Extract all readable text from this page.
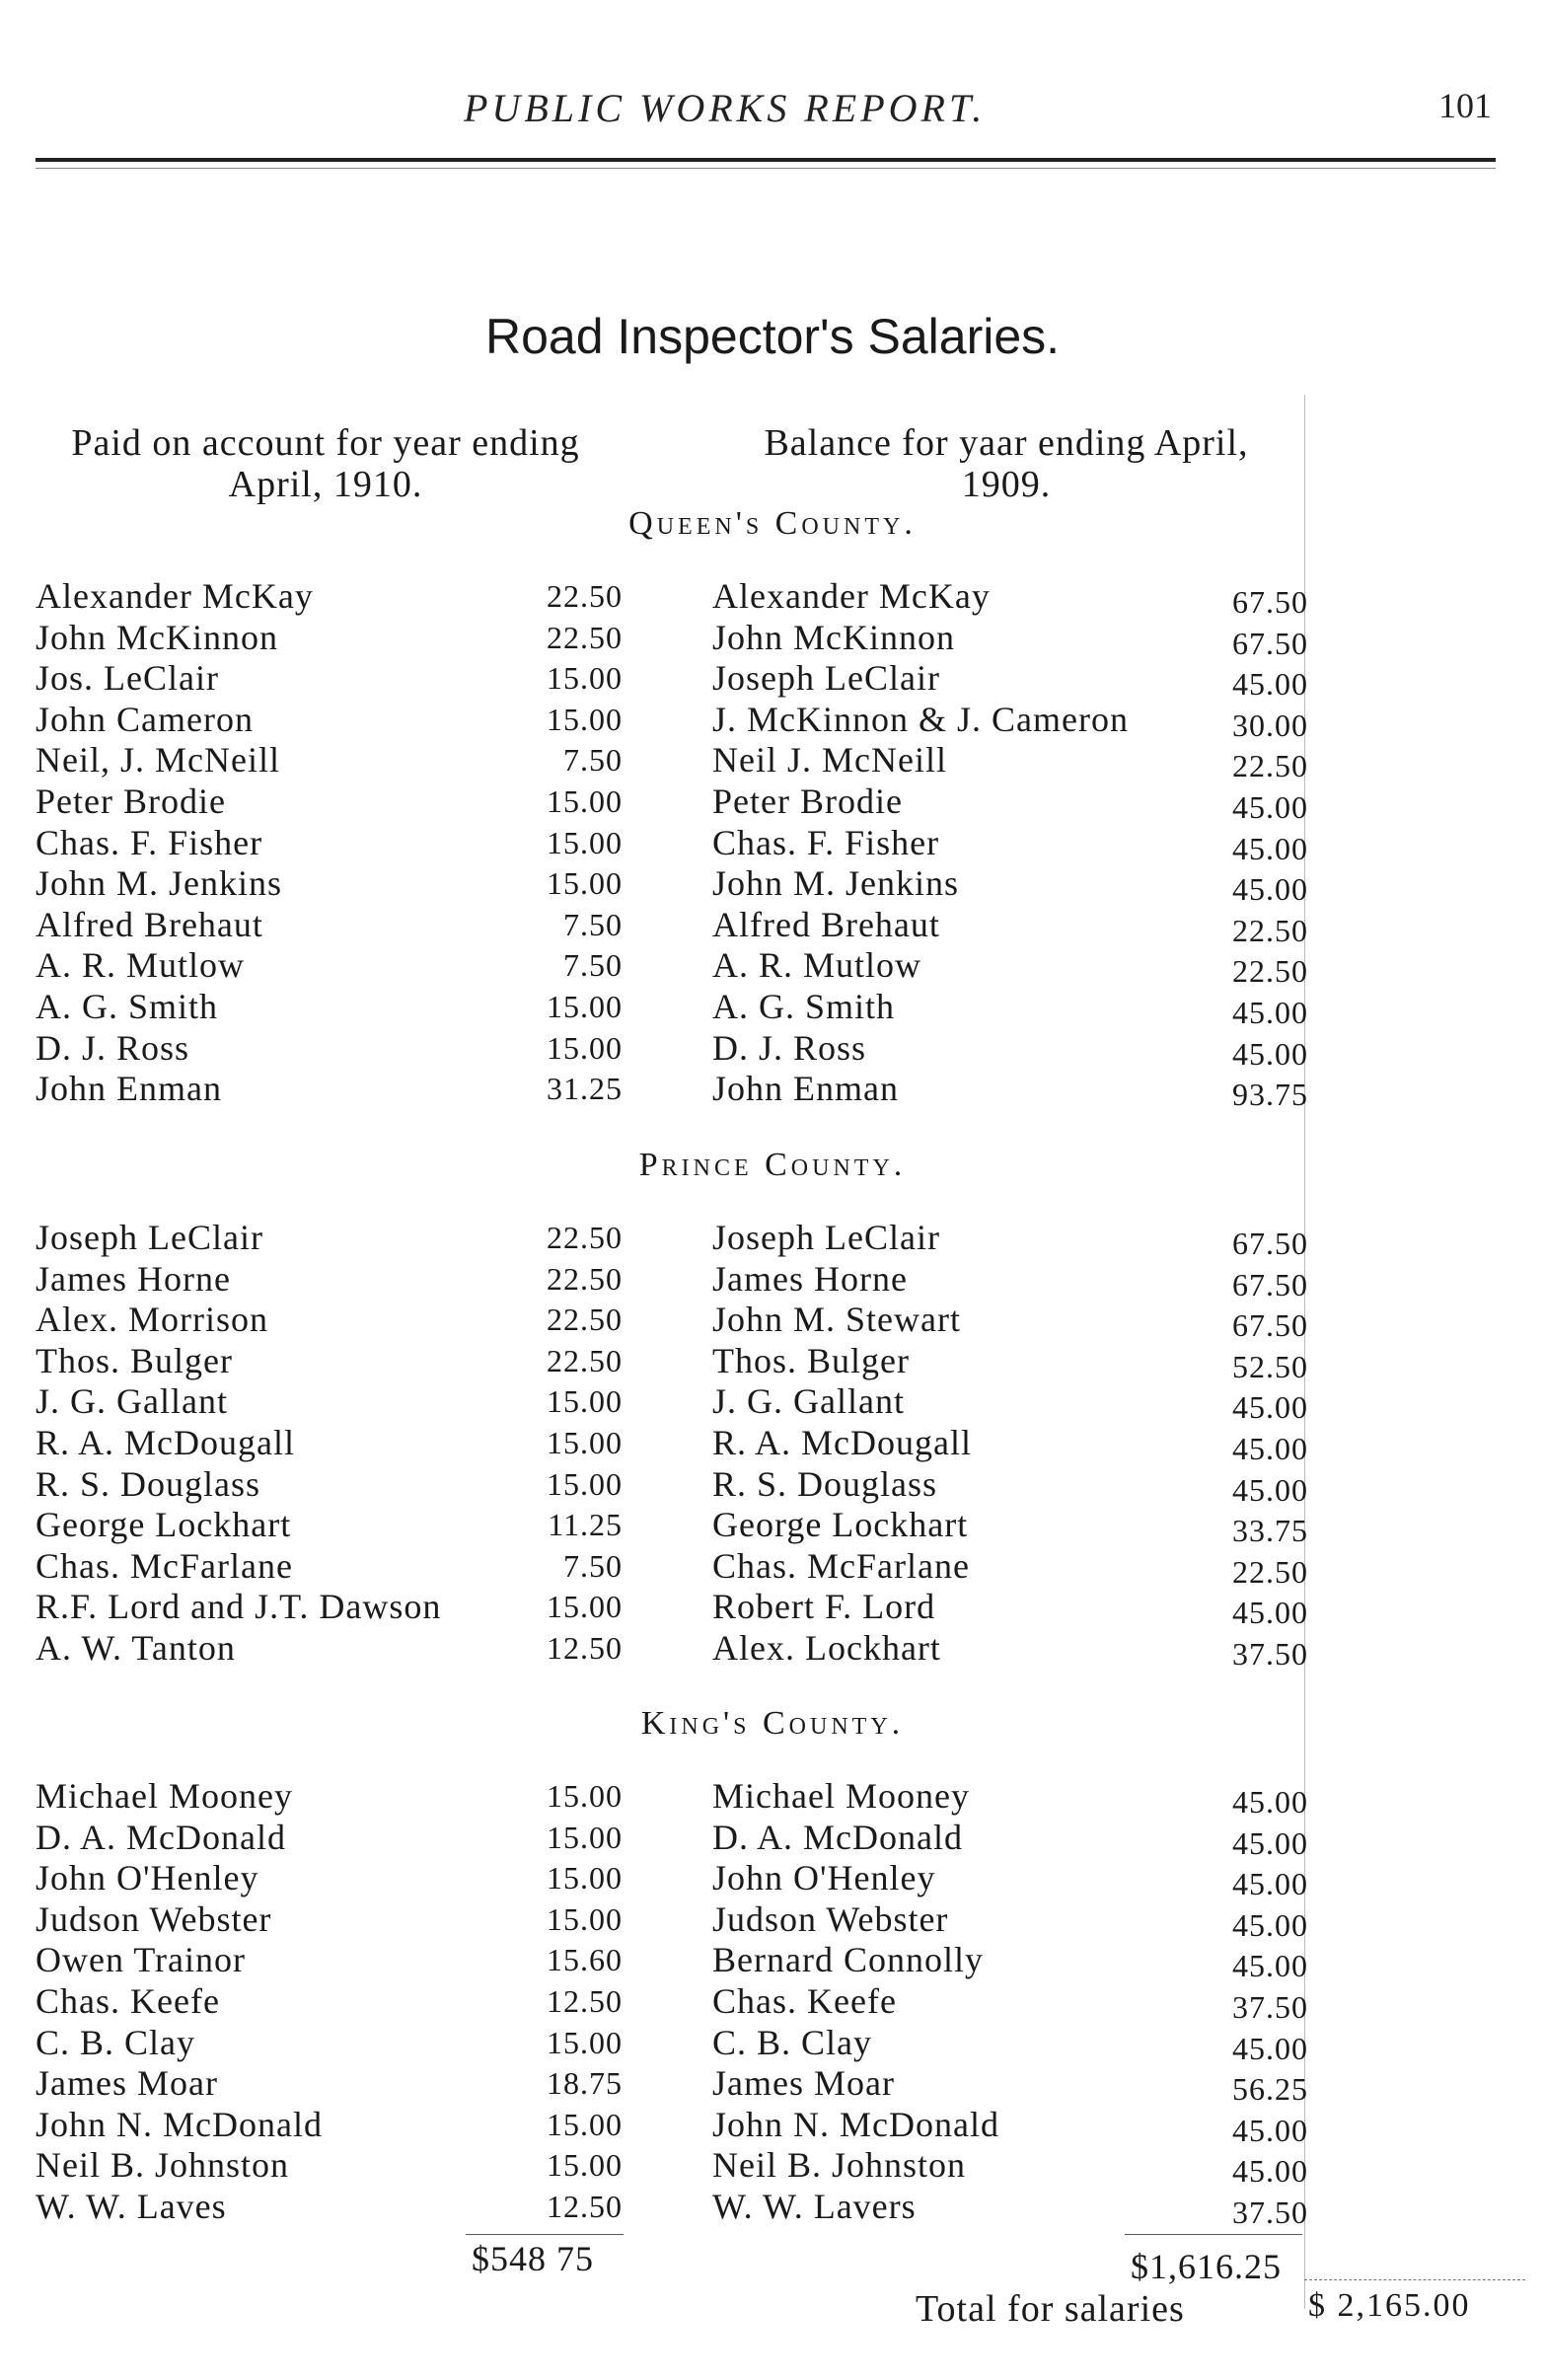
PUBLIC WORKS REPORT.	101
Road Inspector's Salaries.
Paid on account for year ending
April, 1910.
Balance for yaar ending April,
1909.
Queen's County.
Alexander McKay	22.50	Alexander McKay	67.50
John McKinnon	22.50	John McKinnon	67.50
Jos. LeClair	15.00	Joseph LeClair	45.00
John Cameron	15.00	J. McKinnon & J. Cameron	30.00
Neil, J. McNeill	7.50	Neil J. McNeill	22.50
Peter Brodie	15.00	Peter Brodie	45.00
Chas. F. Fisher	15.00	Chas. F. Fisher	45.00
John M. Jenkins	15.00	John M. Jenkins	45.00
Alfred Brehaut	7.50	Alfred Brehaut	22.50
A. R. Mutlow	7.50	A. R. Mutlow	22.50
A. G. Smith	15.00	A. G. Smith	45.00
D. J. Ross	15.00	D. J. Ross	45.00
John Enman	31.25	John Enman	93.75
Prince County.
Joseph LeClair	22.50	Joseph LeClair	67.50
James Horne	22.50	James Horne	67.50
Alex. Morrison	22.50	John M. Stewart	67.50
Thos. Bulger	22.50	Thos. Bulger	52.50
J. G. Gallant	15.00	J. G. Gallant	45.00
R. A. McDougall	15.00	R. A. McDougall	45.00
R. S. Douglass	15.00	R. S. Douglass	45.00
George Lockhart	11.25	George Lockhart	33.75
Chas. McFarlane	7.50	Chas. McFarlane	22.50
R.F. Lord and J.T. Dawson	15.00	Robert F. Lord	45.00
A. W. Tanton	12.50	Alex. Lockhart	37.50
King's County.
Michael Mooney	15.00	Michael Mooney	45.00
D. A. McDonald	15.00	D. A. McDonald	45.00
John O'Henley	15.00	John O'Henley	45.00
Judson Webster	15.00	Judson Webster	45.00
Owen Trainor	15.60	Bernard Connolly	45.00
Chas. Keefe	12.50	Chas. Keefe	37.50
C. B. Clay	15.00	C. B. Clay	45.00
James Moar	18.75	James Moar	56.25
John N. McDonald	15.00	John N. McDonald	45.00
Neil B. Johnston	15.00	Neil B. Johnston	45.00
W. W. Laves	12.50	W. W. Lavers	37.50
$548 75	$1,616.25
Total for salaries	$ 2,165.00
